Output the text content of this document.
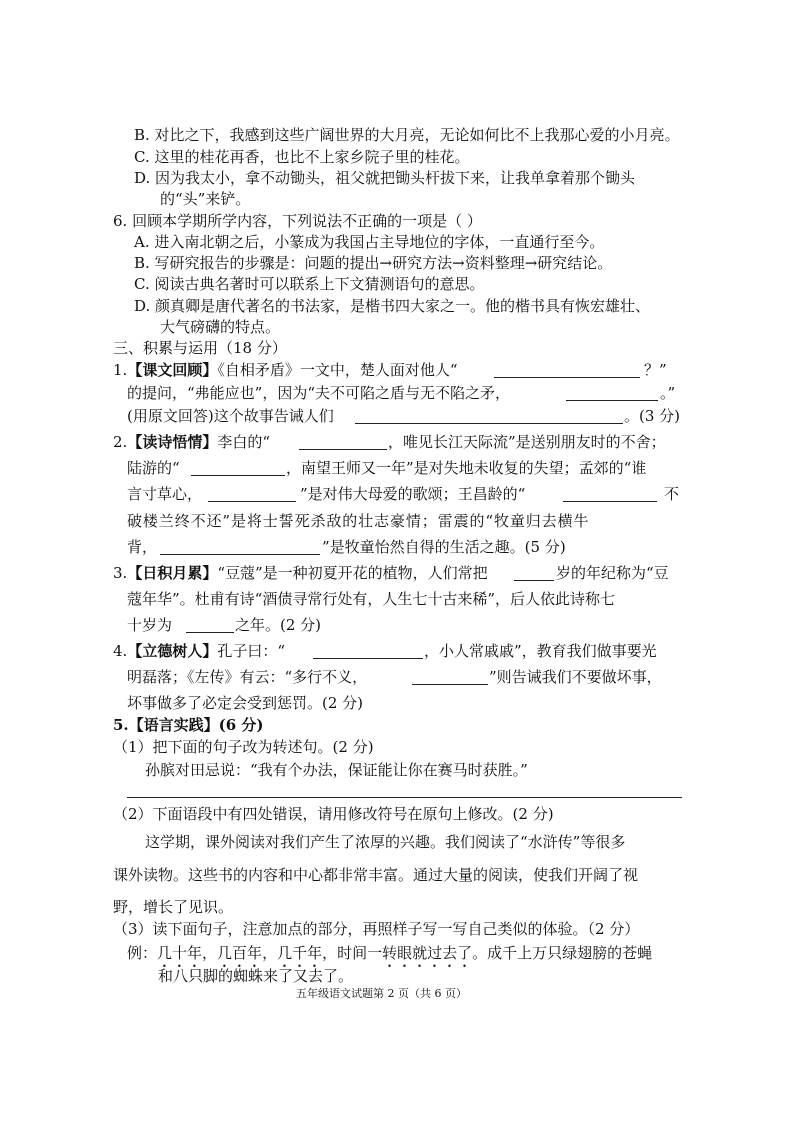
B. 对比之下，我感到这些广阔世界的大月亮，无论如何比不上我那心爱的小月亮。
C. 这里的桂花再香，也比不上家乡院子里的桂花。
D. 因为我太小，拿不动锄头，祖父就把锄头杆拔下来，让我单拿着那个锄头
的“头”来铲。
6. 回顾本学期所学内容，下列说法不正确的一项是（ ）
A. 进入南北朝之后，小篆成为我国占主导地位的字体，一直通行至今。
B. 写研究报告的步骤是：问题的提出→研究方法→资料整理→研究结论。
C. 阅读古典名著时可以联系上下文猜测语句的意思。
D. 颜真卿是唐代著名的书法家，是楷书四大家之一。他的楷书具有恢宏雄壮、
大气磅礴的特点。
三、积累与运用（18 分）
1.【课文回顾】《自相矛盾》一文中，楚人面对他人“	？”
的提问，“弗能应也”，因为“夫不可陷之盾与无不陷之矛，	。”
(用原文回答)这个故事告诫人们	。(3 分)
2.【读诗悟情】李白的“	，唯见长江天际流”是送别朋友时的不舍；
陆游的“	，南望王师又一年”是对失地未收复的失望；孟郊的“谁
言寸草心，	”是对伟大母爱的歌颂；王昌龄的“	不
破楼兰终不还”是将士誓死杀敌的壮志豪情；雷震的“牧童归去横牛
背，	”是牧童怡然自得的生活之趣。(5 分)
3.【日积月累】“豆蔻”是一种初夏开花的植物，人们常把	岁的年纪称为“豆
蔻年华”。杜甫有诗“酒债寻常行处有，人生七十古来稀”，后人依此诗称七
十岁为	之年。(2 分)
4.【立德树人】孔子曰：“	，小人常戚戚”，教育我们做事要光
明磊落；《左传》有云：“多行不义，	”则告诫我们不要做坏事，
坏事做多了必定会受到惩罚。(2 分)
5.【语言实践】(6 分)
（1）把下面的句子改为转述句。(2 分)
孙膑对田忌说：“我有个办法，保证能让你在赛马时获胜。”
（2）下面语段中有四处错误，请用修改符号在原句上修改。(2 分)
这学期，课外阅读对我们产生了浓厚的兴趣。我们阅读了“水浒传”等很多
课外读物。这些书的内容和中心都非常丰富。通过大量的阅读，使我们开阔了视
野，增长了见识。
（3）读下面句子，注意加点的部分，再照样子写一写自己类似的体验。（2 分）
例：几十年，几百年，几千年，时间一转眼就过去了。成千上万只绿翅膀的苍蝇
和八只脚的蜘蛛来了又去了。
五年级语文试题第 2 页（共 6 页）
